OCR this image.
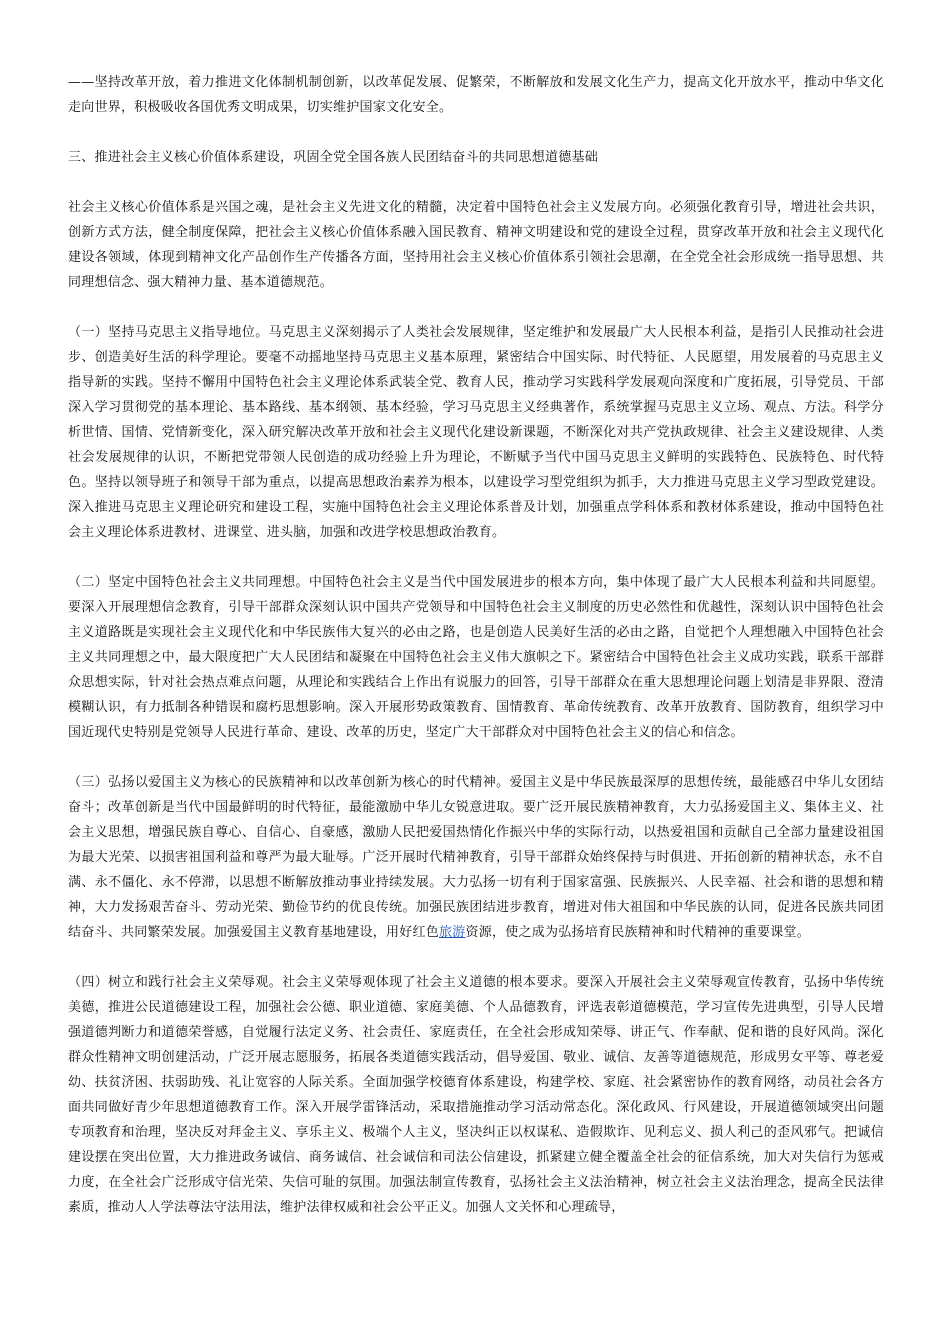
——坚持改革开放，着力推进文化体制机制创新，以改革促发展、促繁荣，不断解放和发展文化生产力，提高文化开放水平，推动中华文化走向世界，积极吸收各国优秀文明成果，切实维护国家文化安全。

三、推进社会主义核心价值体系建设，巩固全党全国各族人民团结奋斗的共同思想道德基础

社会主义核心价值体系是兴国之魂，是社会主义先进文化的精髓，决定着中国特色社会主义发展方向。必须强化教育引导，增进社会共识，创新方式方法，健全制度保障，把社会主义核心价值体系融入国民教育、精神文明建设和党的建设全过程，贯穿改革开放和社会主义现代化建设各领域，体现到精神文化产品创作生产传播各方面，坚持用社会主义核心价值体系引领社会思潮，在全党全社会形成统一指导思想、共同理想信念、强大精神力量、基本道德规范。

（一）坚持马克思主义指导地位。马克思主义深刻揭示了人类社会发展规律，坚定维护和发展最广大人民根本利益，是指引人民推动社会进步、创造美好生活的科学理论。要毫不动摇地坚持马克思主义基本原理，紧密结合中国实际、时代特征、人民愿望，用发展着的马克思主义指导新的实践。坚持不懈用中国特色社会主义理论体系武装全党、教育人民，推动学习实践科学发展观向深度和广度拓展，引导党员、干部深入学习贯彻党的基本理论、基本路线、基本纲领、基本经验，学习马克思主义经典著作，系统掌握马克思主义立场、观点、方法。科学分析世情、国情、党情新变化，深入研究解决改革开放和社会主义现代化建设新课题，不断深化对共产党执政规律、社会主义建设规律、人类社会发展规律的认识，不断把党带领人民创造的成功经验上升为理论，不断赋予当代中国马克思主义鲜明的实践特色、民族特色、时代特色。坚持以领导班子和领导干部为重点，以提高思想政治素养为根本，以建设学习型党组织为抓手，大力推进马克思主义学习型政党建设。深入推进马克思主义理论研究和建设工程，实施中国特色社会主义理论体系普及计划，加强重点学科体系和教材体系建设，推动中国特色社会主义理论体系进教材、进课堂、进头脑，加强和改进学校思想政治教育。

（二）坚定中国特色社会主义共同理想。中国特色社会主义是当代中国发展进步的根本方向，集中体现了最广大人民根本利益和共同愿望。要深入开展理想信念教育，引导干部群众深刻认识中国共产党领导和中国特色社会主义制度的历史必然性和优越性，深刻认识中国特色社会主义道路既是实现社会主义现代化和中华民族伟大复兴的必由之路，也是创造人民美好生活的必由之路，自觉把个人理想融入中国特色社会主义共同理想之中，最大限度把广大人民团结和凝聚在中国特色社会主义伟大旗帜之下。紧密结合中国特色社会主义成功实践，联系干部群众思想实际，针对社会热点难点问题，从理论和实践结合上作出有说服力的回答，引导干部群众在重大思想理论问题上划清是非界限、澄清模糊认识，有力抵制各种错误和腐朽思想影响。深入开展形势政策教育、国情教育、革命传统教育、改革开放教育、国防教育，组织学习中国近现代史特别是党领导人民进行革命、建设、改革的历史，坚定广大干部群众对中国特色社会主义的信心和信念。

（三）弘扬以爱国主义为核心的民族精神和以改革创新为核心的时代精神。爱国主义是中华民族最深厚的思想传统，最能感召中华儿女团结奋斗；改革创新是当代中国最鲜明的时代特征，最能激励中华儿女锐意进取。要广泛开展民族精神教育，大力弘扬爱国主义、集体主义、社会主义思想，增强民族自尊心、自信心、自豪感，激励人民把爱国热情化作振兴中华的实际行动，以热爱祖国和贡献自己全部力量建设祖国为最大光荣、以损害祖国利益和尊严为最大耻辱。广泛开展时代精神教育，引导干部群众始终保持与时俱进、开拓创新的精神状态，永不自满、永不僵化、永不停滞，以思想不断解放推动事业持续发展。大力弘扬一切有利于国家富强、民族振兴、人民幸福、社会和谐的思想和精神，大力发扬艰苦奋斗、劳动光荣、勤俭节约的优良传统。加强民族团结进步教育，增进对伟大祖国和中华民族的认同，促进各民族共同团结奋斗、共同繁荣发展。加强爱国主义教育基地建设，用好红色旅游资源，使之成为弘扬培育民族精神和时代精神的重要课堂。

（四）树立和践行社会主义荣辱观。社会主义荣辱观体现了社会主义道德的根本要求。要深入开展社会主义荣辱观宣传教育，弘扬中华传统美德，推进公民道德建设工程，加强社会公德、职业道德、家庭美德、个人品德教育，评选表彰道德模范，学习宣传先进典型，引导人民增强道德判断力和道德荣誉感，自觉履行法定义务、社会责任、家庭责任，在全社会形成知荣辱、讲正气、作奉献、促和谐的良好风尚。深化群众性精神文明创建活动，广泛开展志愿服务，拓展各类道德实践活动，倡导爱国、敬业、诚信、友善等道德规范，形成男女平等、尊老爱幼、扶贫济困、扶弱助残、礼让宽容的人际关系。全面加强学校德育体系建设，构建学校、家庭、社会紧密协作的教育网络，动员社会各方面共同做好青少年思想道德教育工作。深入开展学雷锋活动，采取措施推动学习活动常态化。深化政风、行风建设，开展道德领域突出问题专项教育和治理，坚决反对拜金主义、享乐主义、极端个人主义，坚决纠正以权谋私、造假欺诈、见利忘义、损人利己的歪风邪气。把诚信建设摆在突出位置，大力推进政务诚信、商务诚信、社会诚信和司法公信建设，抓紧建立健全覆盖全社会的征信系统，加大对失信行为惩戒力度，在全社会广泛形成守信光荣、失信可耻的氛围。加强法制宣传教育，弘扬社会主义法治精神，树立社会主义法治理念，提高全民法律素质，推动人人学法尊法守法用法，维护法律权威和社会公平正义。加强人文关怀和心理疏导，
